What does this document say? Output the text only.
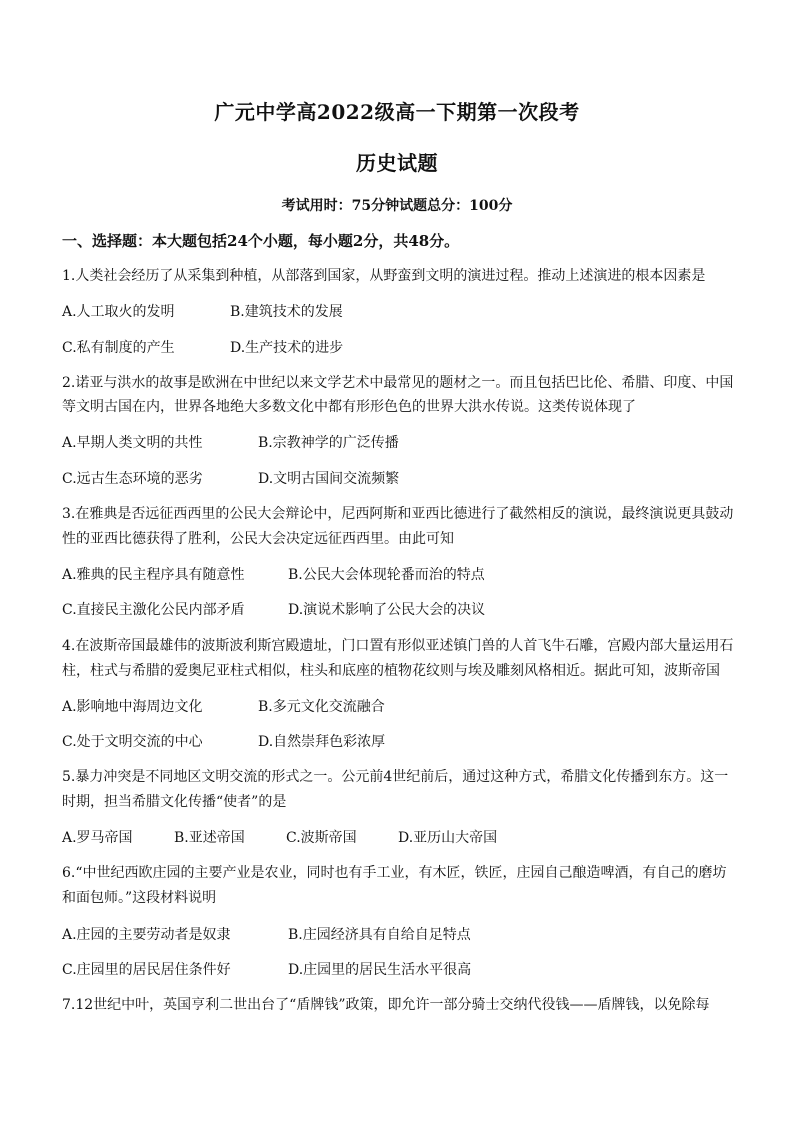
广元中学高2022级高一下期第一次段考
历史试题
考试用时：75分钟试题总分：100分
一、选择题：本大题包括24个小题，每小题2分，共48分。
1.人类社会经历了从采集到种植，从部落到国家，从野蛮到文明的演进过程。推动上述演进的根本因素是
A.人工取火的发明	B.建筑技术的发展
C.私有制度的产生	D.生产技术的进步
2.诺亚与洪水的故事是欧洲在中世纪以来文学艺术中最常见的题材之一。而且包括巴比伦、希腊、印度、中国
等文明古国在内，世界各地绝大多数文化中都有形形色色的世界大洪水传说。这类传说体现了
A.早期人类文明的共性	B.宗教神学的广泛传播
C.远古生态环境的恶劣	D.文明古国间交流频繁
3.在雅典是否远征西西里的公民大会辩论中，尼西阿斯和亚西比德进行了截然相反的演说，最终演说更具鼓动
性的亚西比德获得了胜利，公民大会决定远征西西里。由此可知
A.雅典的民主程序具有随意性	B.公民大会体现轮番而治的特点
C.直接民主激化公民内部矛盾	D.演说术影响了公民大会的决议
4.在波斯帝国最雄伟的波斯波利斯宫殿遗址，门口置有形似亚述镇门兽的人首飞牛石雕，宫殿内部大量运用石
柱，柱式与希腊的爱奥尼亚柱式相似，柱头和底座的植物花纹则与埃及雕刻风格相近。据此可知，波斯帝国
A.影响地中海周边文化	B.多元文化交流融合
C.处于文明交流的中心	D.自然崇拜色彩浓厚
5.暴力冲突是不同地区文明交流的形式之一。公元前4世纪前后，通过这种方式，希腊文化传播到东方。这一
时期，担当希腊文化传播“使者”的是
A.罗马帝国	B.亚述帝国	C.波斯帝国	D.亚历山大帝国
6.“中世纪西欧庄园的主要产业是农业，同时也有手工业，有木匠，铁匠，庄园自己酿造啤酒，有自己的磨坊
和面包师。”这段材料说明
A.庄园的主要劳动者是奴隶	B.庄园经济具有自给自足特点
C.庄园里的居民居住条件好	D.庄园里的居民生活水平很高
7.12世纪中叶，英国亨利二世出台了“盾牌钱”政策，即允许一部分骑士交纳代役钱——盾牌钱，以免除每
